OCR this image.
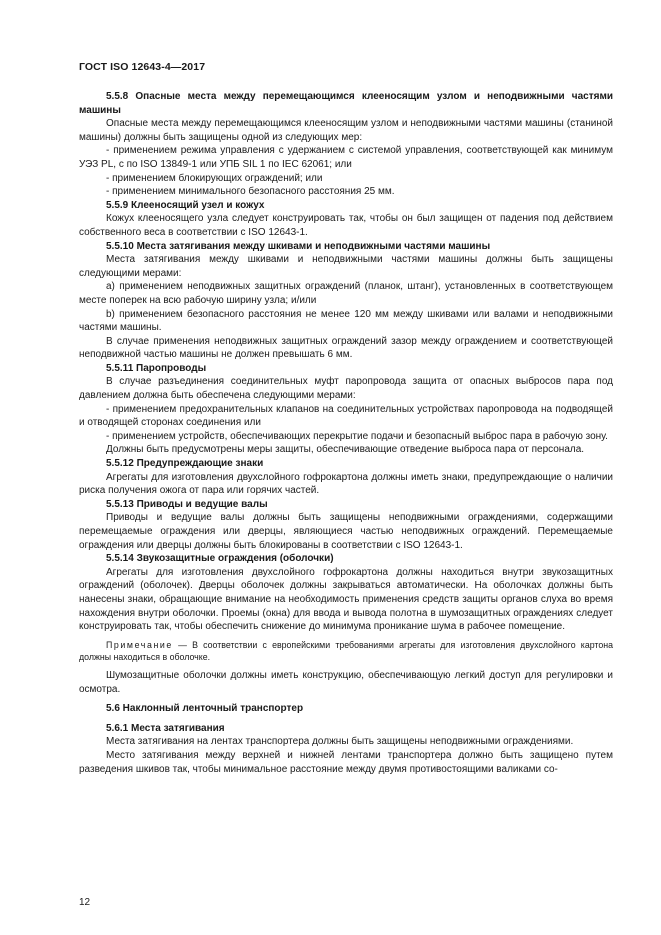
ГОСТ ISO 12643-4—2017

5.5.8 Опасные места между перемещающимся клееносящим узлом и неподвижными частями машины

Опасные места между перемещающимся клееносящим узлом и неподвижными частями машины (станиной машины) должны быть защищены одной из следующих мер:

- применением режима управления с удержанием с системой управления, соответствующей как минимум УЭЗ PL, с по ISO 13849-1 или УПБ SIL 1 по IEC 62061; или

- применением блокирующих ограждений; или

- применением минимального безопасного расстояния 25 мм.

5.5.9 Клееносящий узел и кожух

Кожух клееносящего узла следует конструировать так, чтобы он был защищен от падения под действием собственного веса в соответствии с ISO 12643-1.

5.5.10 Места затягивания между шкивами и неподвижными частями машины

Места затягивания между шкивами и неподвижными частями машины должны быть защищены следующими мерами:

a) применением неподвижных защитных ограждений (планок, штанг), установленных в соответствующем месте поперек на всю рабочую ширину узла; и/или

b) применением безопасного расстояния не менее 120 мм между шкивами или валами и неподвижными частями машины.

В случае применения неподвижных защитных ограждений зазор между ограждением и соответствующей неподвижной частью машины не должен превышать 6 мм.

5.5.11 Паропроводы

В случае разъединения соединительных муфт паропровода защита от опасных выбросов пара под давлением должна быть обеспечена следующими мерами:

- применением предохранительных клапанов на соединительных устройствах паропровода на подводящей и отводящей сторонах соединения или

- применением устройств, обеспечивающих перекрытие подачи и безопасный выброс пара в рабочую зону.

Должны быть предусмотрены меры защиты, обеспечивающие отведение выброса пара от персонала.

5.5.12 Предупреждающие знаки

Агрегаты для изготовления двухслойного гофрокартона должны иметь знаки, предупреждающие о наличии риска получения ожога от пара или горячих частей.

5.5.13 Приводы и ведущие валы

Приводы и ведущие валы должны быть защищены неподвижными ограждениями, содержащими перемещаемые ограждения или дверцы, являющиеся частью неподвижных ограждений. Перемещаемые ограждения или дверцы должны быть блокированы в соответствии с ISO 12643-1.

5.5.14 Звукозащитные ограждения (оболочки)

Агрегаты для изготовления двухслойного гофрокартона должны находиться внутри звукозащитных ограждений (оболочек). Дверцы оболочек должны закрываться автоматически. На оболочках должны быть нанесены знаки, обращающие внимание на необходимость применения средств защиты органов слуха во время нахождения внутри оболочки. Проемы (окна) для ввода и вывода полотна в шумозащитных ограждениях следует конструировать так, чтобы обеспечить снижение до минимума проникание шума в рабочее помещение.

Примечание — В соответствии с европейскими требованиями агрегаты для изготовления двухслойного картона должны находиться в оболочке.

Шумозащитные оболочки должны иметь конструкцию, обеспечивающую легкий доступ для регулировки и осмотра.

5.6 Наклонный ленточный транспортер

5.6.1 Места затягивания

Места затягивания на лентах транспортера должны быть защищены неподвижными ограждениями.

Место затягивания между верхней и нижней лентами транспортера должно быть защищено путем разведения шкивов так, чтобы минимальное расстояние между двумя противостоящими валиками со-

12
